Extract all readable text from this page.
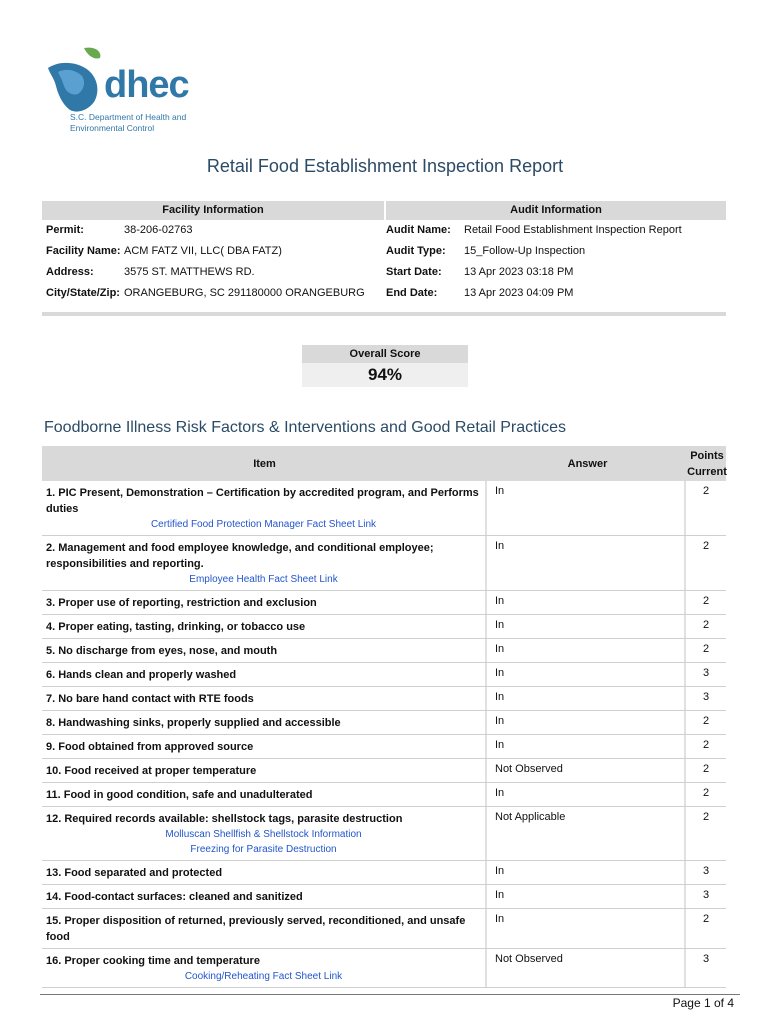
dhec
S.C. Department of Health and
Environmental Control
Retail Food Establishment Inspection Report
Facility Information	Audit Information
Permit:	38-206-02763	Audit Name:	Retail Food Establishment Inspection Report
Facility Name: ACM FATZ VII, LLC( DBA FATZ)	Audit Type:	15_Follow-Up Inspection
Address:	3575 ST. MATTHEWS RD.	Start Date:	13 Apr 2023 03:18 PM
City/State/Zip: ORANGEBURG, SC 291180000 ORANGEBURG	End Date:	13 Apr 2023 04:09 PM
Overall Score
94%
Foodborne Illness Risk Factors & Interventions and Good Retail Practices
Item	Answer
Points Current
1. PIC Present, Demonstration – Certification by accredited program, and Performs duties
Certified Food Protection Manager Fact Sheet Link
In	2
2. Management and food employee knowledge, and conditional employee; responsibilities and reporting.
Employee Health Fact Sheet Link
In	2
3. Proper use of reporting, restriction and exclusion	In	2
4. Proper eating, tasting, drinking, or tobacco use	In	2
5. No discharge from eyes, nose, and mouth	In	2
6. Hands clean and properly washed	In	3
7. No bare hand contact with RTE foods	In	3
8. Handwashing sinks, properly supplied and accessible	In	2
9. Food obtained from approved source	In	2
10. Food received at proper temperature	Not Observed	2
11. Food in good condition, safe and unadulterated	In	2
12. Required records available: shellstock tags, parasite destruction
Molluscan Shellfish & Shellstock Information
Freezing for Parasite Destruction
Not Applicable	2
13. Food separated and protected	In	3
14. Food-contact surfaces: cleaned and sanitized	In	3
15. Proper disposition of returned, previously served, reconditioned, and unsafe food
In	2
16. Proper cooking time and temperature
Cooking/Reheating Fact Sheet Link
Not Observed	3
Page 1 of 4
